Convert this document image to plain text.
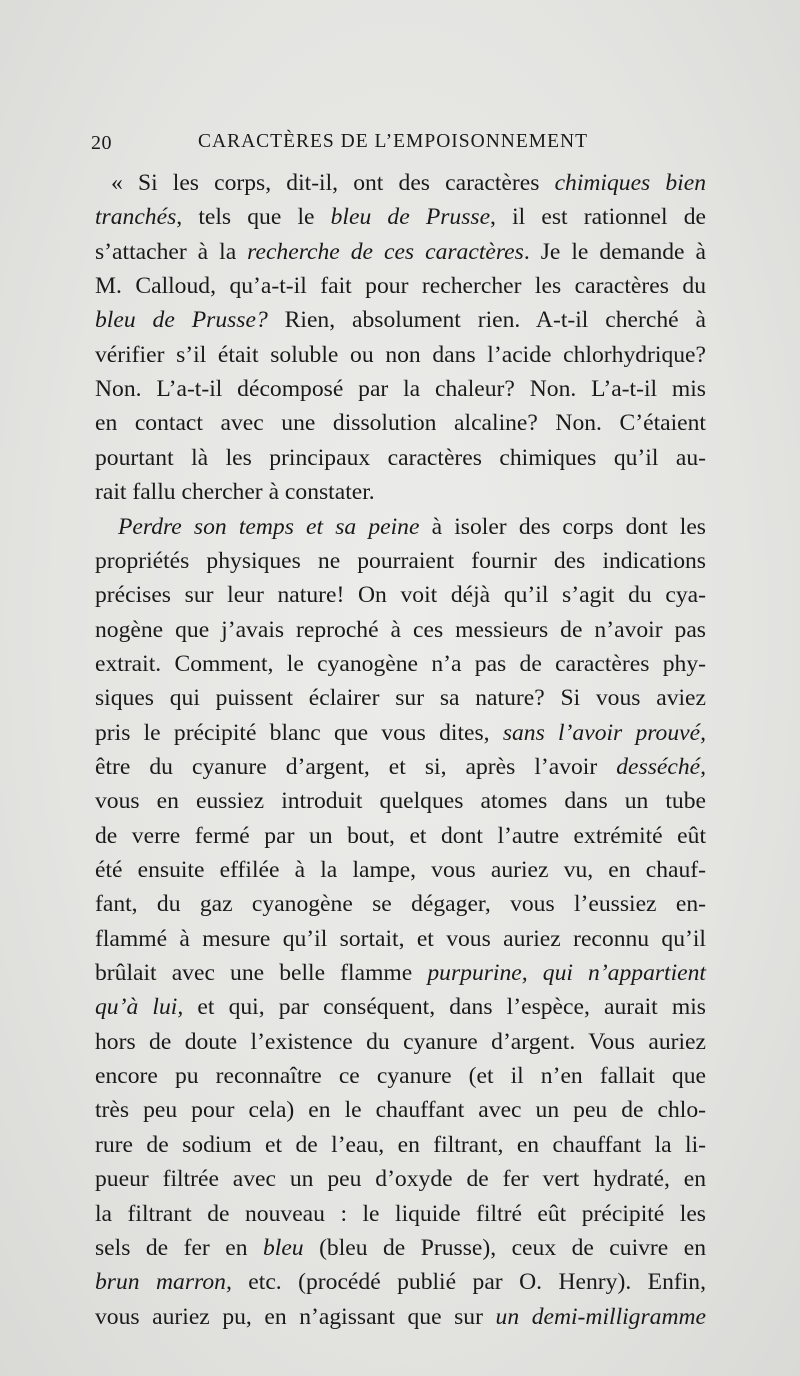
20	CARACTÈRES DE L’EMPOISONNEMENT
« Si les corps, dit-il, ont des caractères chimiques bien
tranchés, tels que le bleu de Prusse, il est rationnel de
s’attacher à la recherche de ces caractères. Je le demande à
M. Calloud, qu’a-t-il fait pour rechercher les caractères du
bleu de Prusse? Rien, absolument rien. A-t-il cherché à
vérifier s’il était soluble ou non dans l’acide chlorhydrique?
Non. L’a-t-il décomposé par la chaleur? Non. L’a-t-il mis
en contact avec une dissolution alcaline? Non. C’étaient
pourtant là les principaux caractères chimiques qu’il au-
rait fallu chercher à constater.
Perdre son temps et sa peine à isoler des corps dont les
propriétés physiques ne pourraient fournir des indications
précises sur leur nature! On voit déjà qu’il s’agit du cya-
nogène que j’avais reproché à ces messieurs de n’avoir pas
extrait. Comment, le cyanogène n’a pas de caractères phy-
siques qui puissent éclairer sur sa nature? Si vous aviez
pris le précipité blanc que vous dites, sans l’avoir prouvé,
être du cyanure d’argent, et si, après l’avoir desséché,
vous en eussiez introduit quelques atomes dans un tube
de verre fermé par un bout, et dont l’autre extrémité eût
été ensuite effilée à la lampe, vous auriez vu, en chauf-
fant, du gaz cyanogène se dégager, vous l’eussiez en-
flammé à mesure qu’il sortait, et vous auriez reconnu qu’il
brûlait avec une belle flamme purpurine, qui n’appartient
qu’à lui, et qui, par conséquent, dans l’espèce, aurait mis
hors de doute l’existence du cyanure d’argent. Vous auriez
encore pu reconnaître ce cyanure (et il n’en fallait que
très peu pour cela) en le chauffant avec un peu de chlo-
rure de sodium et de l’eau, en filtrant, en chauffant la li-
pueur filtrée avec un peu d’oxyde de fer vert hydraté, en
la filtrant de nouveau : le liquide filtré eût précipité les
sels de fer en bleu (bleu de Prusse), ceux de cuivre en
brun marron, etc. (procédé publié par O. Henry). Enfin,
vous auriez pu, en n’agissant que sur un demi-milligramme
